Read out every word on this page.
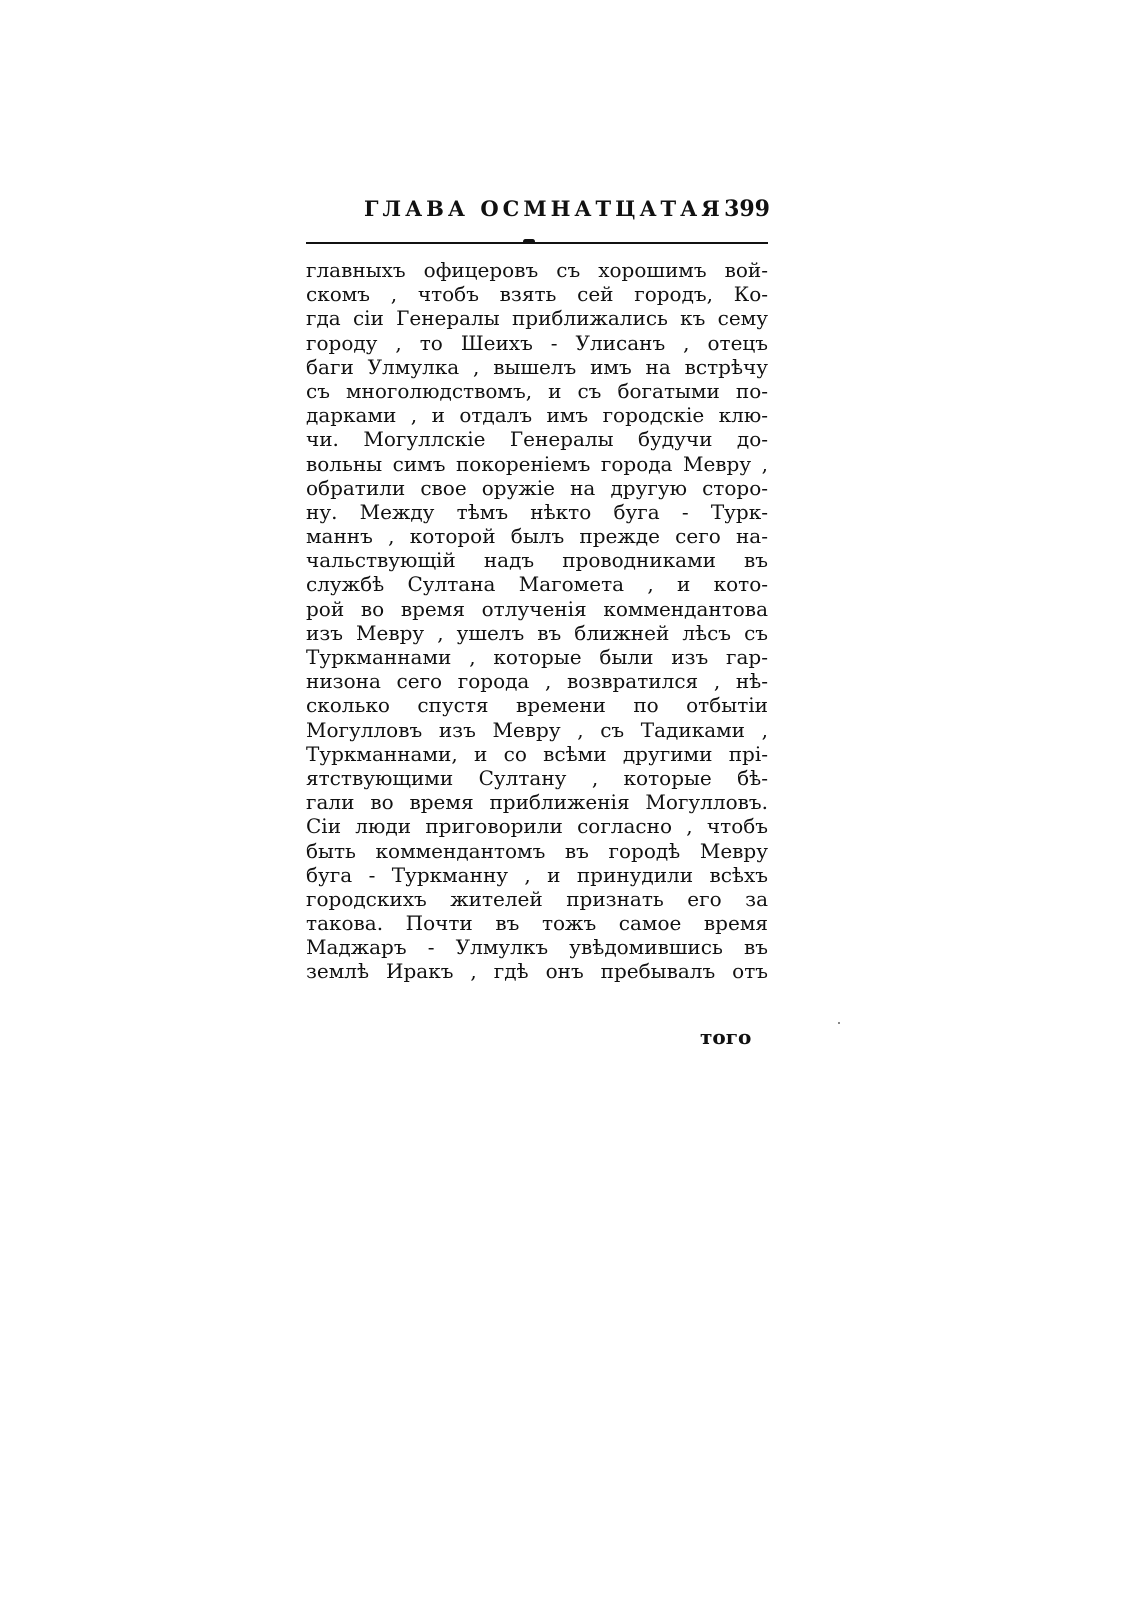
ГЛАВА ОСМНАТЦАТАЯ 399
главныхъ офицеровъ съ хорошимъ вой-
скомъ , чтобъ взять сей городъ, Ко-
гда сіи Генералы приближались къ сему
городу , то Шеихъ - Улисанъ , отецъ
баги Улмулка , вышелъ имъ на встрѣчу
съ многолюдствомъ, и съ богатыми по-
дарками , и отдалъ имъ городскіе клю-
чи. Могуллскіе Генералы будучи до-
вольны симъ покореніемъ города Мевру ,
обратили свое оружіе на другую сторо-
ну. Между тѣмъ нѣкто буга - Турк-
маннъ , которой былъ прежде сего на-
чальствующій надъ проводниками въ
службѣ Султана Магомета , и кото-
рой во время отлученія коммендантова
изъ Мевру , ушелъ въ ближней лѣсъ съ
Туркманнами , которые были изъ гар-
низона сего города , возвратился , нѣ-
сколько спустя времени по отбытіи
Могулловъ изъ Мевру , съ Тадиками ,
Туркманнами, и со всѣми другими прі-
ятствующими Султану , которые бѣ-
гали во время приближенія Могулловъ.
Сіи люди приговорили согласно , чтобъ
быть коммендантомъ въ городѣ Мевру
буга - Туркманну , и принудили всѣхъ
городскихъ жителей признать его за
такова. Почти въ тожъ самое время
Маджаръ - Улмулкъ увѣдомившись въ
землѣ Иракъ , гдѣ онъ пребывалъ отъ
того
